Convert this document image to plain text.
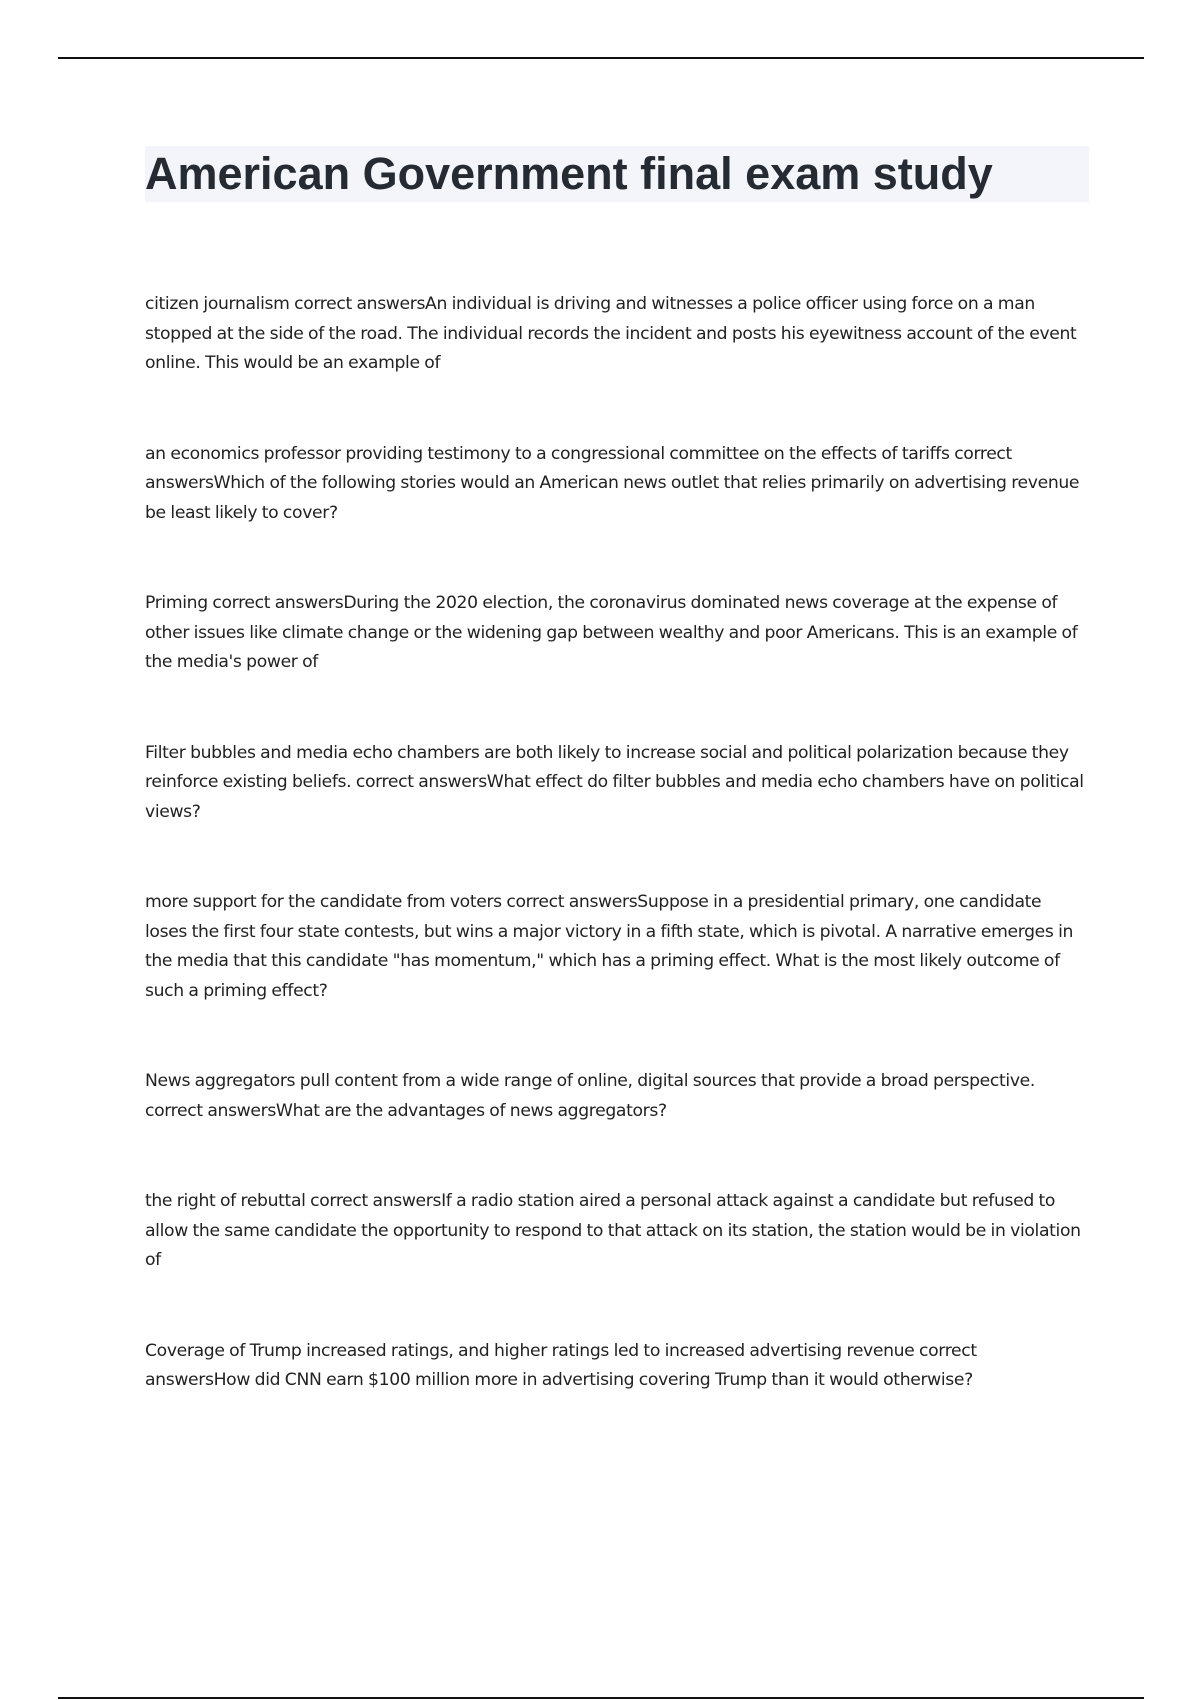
American Government final exam study

citizen journalism correct answersAn individual is driving and witnesses a police officer using force on a man stopped at the side of the road. The individual records the incident and posts his eyewitness account of the event online. This would be an example of

an economics professor providing testimony to a congressional committee on the effects of tariffs correct answersWhich of the following stories would an American news outlet that relies primarily on advertising revenue be least likely to cover?

Priming correct answersDuring the 2020 election, the coronavirus dominated news coverage at the expense of other issues like climate change or the widening gap between wealthy and poor Americans. This is an example of the media's power of

Filter bubbles and media echo chambers are both likely to increase social and political polarization because they reinforce existing beliefs. correct answersWhat effect do filter bubbles and media echo chambers have on political views?

more support for the candidate from voters correct answersSuppose in a presidential primary, one candidate loses the first four state contests, but wins a major victory in a fifth state, which is pivotal. A narrative emerges in the media that this candidate "has momentum," which has a priming effect. What is the most likely outcome of such a priming effect?

News aggregators pull content from a wide range of online, digital sources that provide a broad perspective. correct answersWhat are the advantages of news aggregators?

the right of rebuttal correct answersIf a radio station aired a personal attack against a candidate but refused to allow the same candidate the opportunity to respond to that attack on its station, the station would be in violation of

Coverage of Trump increased ratings, and higher ratings led to increased advertising revenue correct answersHow did CNN earn $100 million more in advertising covering Trump than it would otherwise?
